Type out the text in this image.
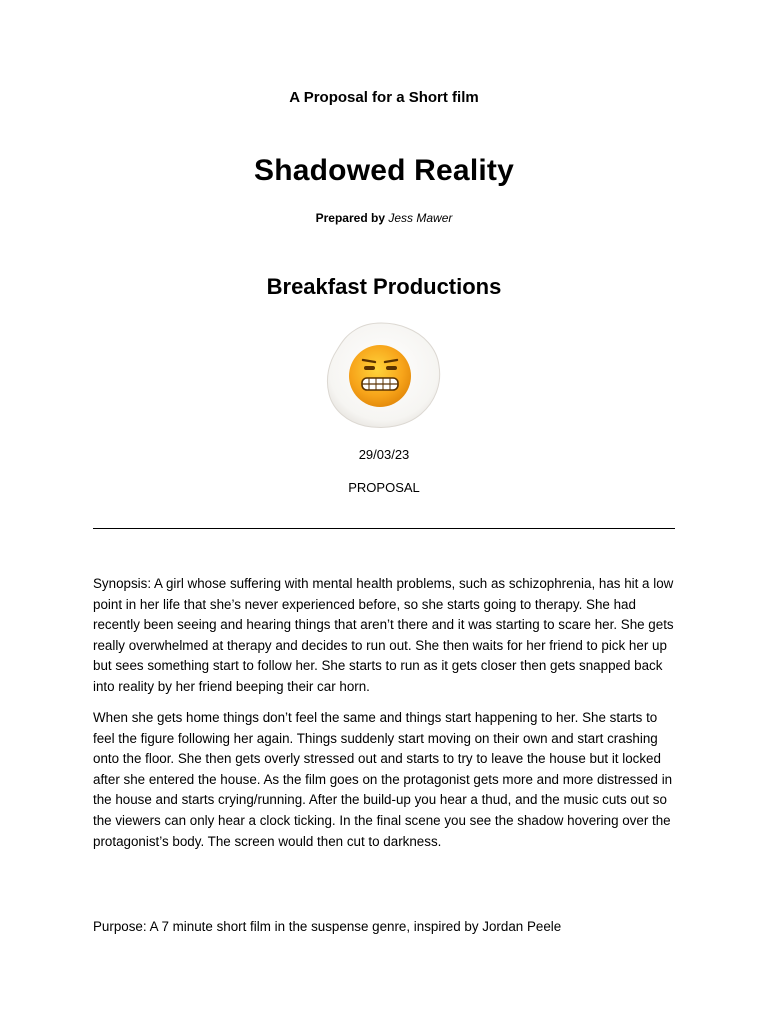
A Proposal for a Short film
Shadowed Reality
Prepared by Jess Mawer
Breakfast Productions
29/03/23
PROPOSAL
Synopsis: A girl whose suffering with mental health problems, such as schizophrenia, has hit a low point in her life that she’s never experienced before, so she starts going to therapy. She had recently been seeing and hearing things that aren’t there and it was starting to scare her. She gets really overwhelmed at therapy and decides to run out. She then waits for her friend to pick her up but sees something start to follow her. She starts to run as it gets closer then gets snapped back into reality by her friend beeping their car horn.
When she gets home things don’t feel the same and things start happening to her. She starts to feel the figure following her again. Things suddenly start moving on their own and start crashing onto the floor. She then gets overly stressed out and starts to try to leave the house but it locked after she entered the house. As the film goes on the protagonist gets more and more distressed in the house and starts crying/running. After the build-up you hear a thud, and the music cuts out so the viewers can only hear a clock ticking. In the final scene you see the shadow hovering over the protagonist’s body. The screen would then cut to darkness.
Purpose: A 7 minute short film in the suspense genre, inspired by Jordan Peele
